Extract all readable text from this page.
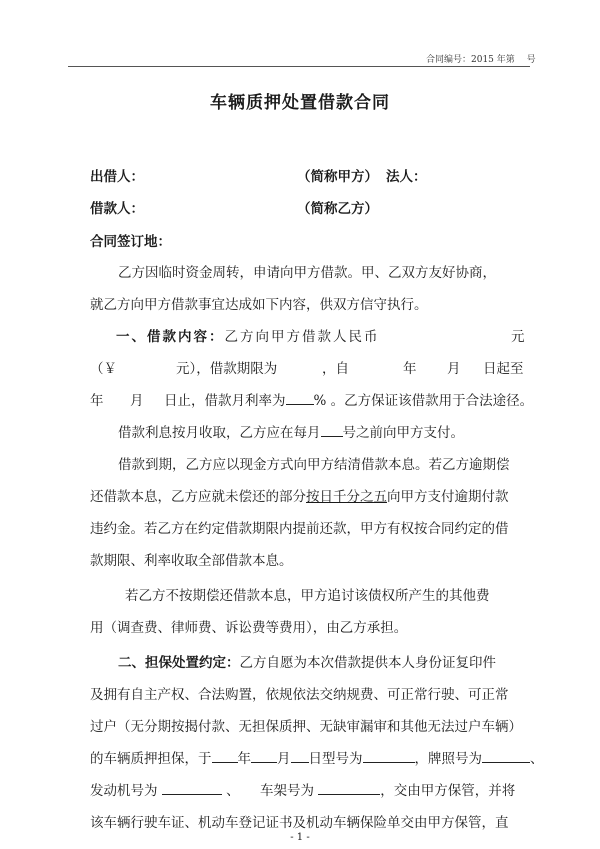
合同编号：2015 年第　 号
车辆质押处置借款合同
出借人：	（简称甲方） 法人：
借款人：	（简称乙方）
合同签订地：
乙方因临时资金周转，申请向甲方借款。甲、乙双方友好协商，
就乙方向甲方借款事宜达成如下内容，供双方信守执行。
一、借款内容：乙方向甲方借款人民币	元
（￥	元），借款期限为	，自	年 月 日起至
年 月 日止，借款月利率为 % 。乙方保证该借款用于合法途径。
借款利息按月收取，乙方应在每月 号之前向甲方支付。
借款到期，乙方应以现金方式向甲方结清借款本息。若乙方逾期偿
还借款本息，乙方应就未偿还的部分按日千分之五向甲方支付逾期付款
违约金。若乙方在约定借款期限内提前还款，甲方有权按合同约定的借
款期限、利率收取全部借款本息。
若乙方不按期偿还借款本息，甲方追讨该债权所产生的其他费
用（调查费、律师费、诉讼费等费用），由乙方承担。
二、担保处置约定：乙方自愿为本次借款提供本人身份证复印件
及拥有自主产权、合法购置，依规依法交纳规费、可正常行驶、可正常
过户（无分期按揭付款、无担保质押、无缺审漏审和其他无法过户车辆）
的车辆质押担保，于 年 月 日型号为	，牌照号为	、
发动机号为	、 车架号为	，交由甲方保管，并将
该车辆行驶车证、机动车登记证书及机动车辆保险单交由甲方保管，直
- 1 -
